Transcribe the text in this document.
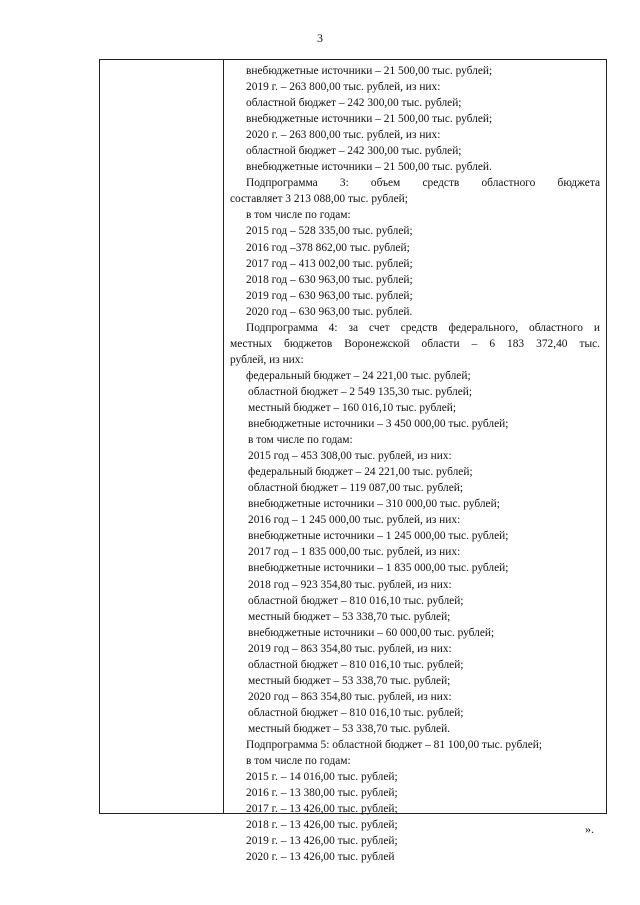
3
внебюджетные источники – 21 500,00 тыс. рублей;
2019 г. – 263 800,00 тыс. рублей, из них:
областной бюджет – 242 300,00 тыс. рублей;
внебюджетные источники – 21 500,00 тыс. рублей;
2020 г. – 263 800,00 тыс. рублей, из них:
областной бюджет – 242 300,00 тыс. рублей;
внебюджетные источники – 21 500,00 тыс. рублей.
Подпрограмма 3: объем средств областного бюджета
составляет 3 213 088,00 тыс. рублей;
в том числе по годам:
2015 год – 528 335,00 тыс. рублей;
2016 год –378 862,00 тыс. рублей;
2017 год – 413 002,00 тыс. рублей;
2018 год – 630 963,00 тыс. рублей;
2019 год – 630 963,00 тыс. рублей;
2020 год – 630 963,00 тыс. рублей.
Подпрограмма 4: за счет средств федерального, областного и
местных бюджетов Воронежской области – 6 183 372,40 тыс.
рублей, из них:
федеральный бюджет – 24 221,00 тыс. рублей;
областной бюджет – 2 549 135,30 тыс. рублей;
местный бюджет – 160 016,10 тыс. рублей;
внебюджетные источники – 3 450 000,00 тыс. рублей;
в том числе по годам:
2015 год – 453 308,00 тыс. рублей, из них:
федеральный бюджет – 24 221,00 тыс. рублей;
областной бюджет – 119 087,00 тыс. рублей;
внебюджетные источники – 310 000,00 тыс. рублей;
2016 год – 1 245 000,00 тыс. рублей, из них:
внебюджетные источники – 1 245 000,00 тыс. рублей;
2017 год – 1 835 000,00 тыс. рублей, из них:
внебюджетные источники – 1 835 000,00 тыс. рублей;
2018 год – 923 354,80 тыс. рублей, из них:
областной бюджет – 810 016,10 тыс. рублей;
местный бюджет – 53 338,70 тыс. рублей;
внебюджетные источники – 60 000,00 тыс. рублей;
2019 год – 863 354,80 тыс. рублей, из них:
областной бюджет – 810 016,10 тыс. рублей;
местный бюджет – 53 338,70 тыс. рублей;
2020 год – 863 354,80 тыс. рублей, из них:
областной бюджет – 810 016,10 тыс. рублей;
местный бюджет – 53 338,70 тыс. рублей.
Подпрограмма 5: областной бюджет – 81 100,00 тыс. рублей;
в том числе по годам:
2015 г. – 14 016,00 тыс. рублей;
2016 г. – 13 380,00 тыс. рублей;
2017 г. – 13 426,00 тыс. рублей;
2018 г. – 13 426,00 тыс. рублей;
2019 г. – 13 426,00 тыс. рублей;
2020 г. – 13 426,00 тыс. рублей
».
